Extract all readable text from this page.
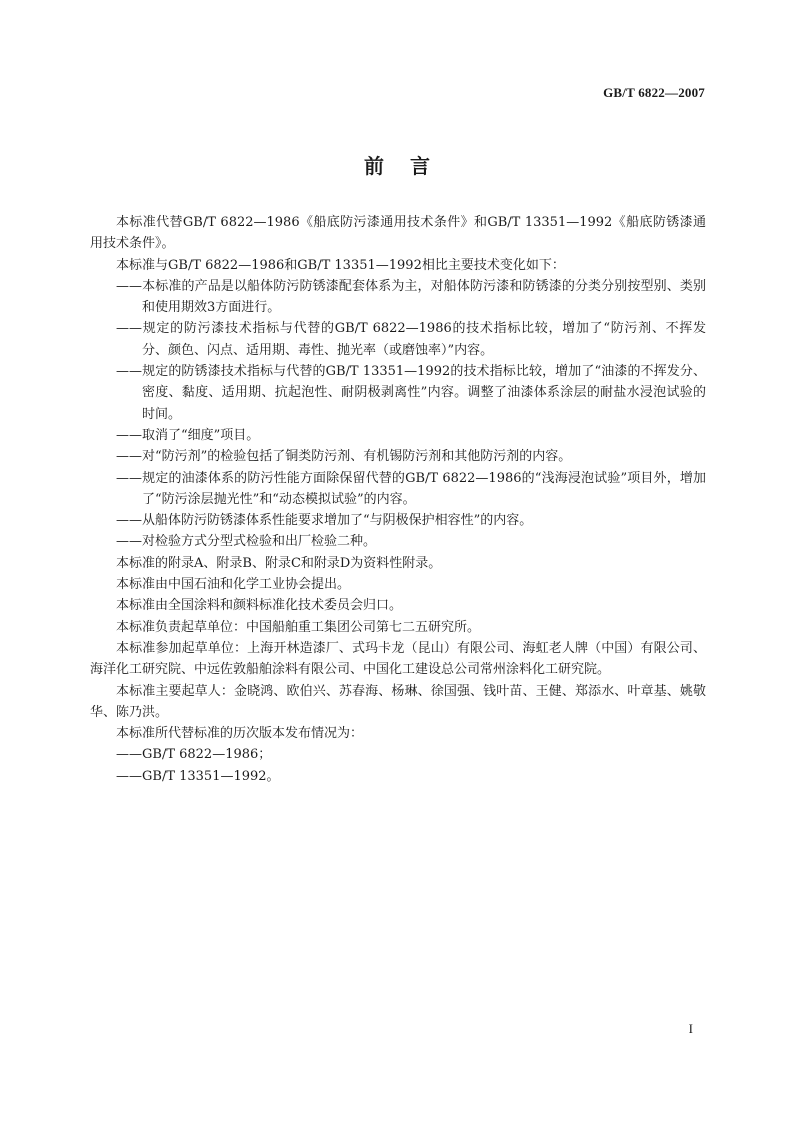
GB/T 6822—2007
前言

本标准代替GB/T 6822—1986《船底防污漆通用技术条件》和GB/T 13351—1992《船底防锈漆通用技术条件》。

本标准与GB/T 6822—1986和GB/T 13351—1992相比主要技术变化如下：

——本标准的产品是以船体防污防锈漆配套体系为主，对船体防污漆和防锈漆的分类分别按型别、类别和使用期效3方面进行。

——规定的防污漆技术指标与代替的GB/T 6822—1986的技术指标比较，增加了“防污剂、不挥发分、颜色、闪点、适用期、毒性、抛光率（或磨蚀率）”内容。

——规定的防锈漆技术指标与代替的GB/T 13351—1992的技术指标比较，增加了“油漆的不挥发分、密度、黏度、适用期、抗起泡性、耐阴极剥离性”内容。调整了油漆体系涂层的耐盐水浸泡试验的时间。

——取消了“细度”项目。

——对“防污剂”的检验包括了铜类防污剂、有机锡防污剂和其他防污剂的内容。

——规定的油漆体系的防污性能方面除保留代替的GB/T 6822—1986的“浅海浸泡试验”项目外，增加了“防污涂层抛光性”和“动态模拟试验”的内容。

——从船体防污防锈漆体系性能要求增加了“与阴极保护相容性”的内容。

——对检验方式分型式检验和出厂检验二种。

本标准的附录A、附录B、附录C和附录D为资料性附录。

本标准由中国石油和化学工业协会提出。

本标准由全国涂料和颜料标准化技术委员会归口。

本标准负责起草单位：中国船舶重工集团公司第七二五研究所。

本标准参加起草单位：上海开林造漆厂、式玛卡龙（昆山）有限公司、海虹老人牌（中国）有限公司、海洋化工研究院、中远佐敦船舶涂料有限公司、中国化工建设总公司常州涂料化工研究院。

本标准主要起草人：金晓鸿、欧伯兴、苏春海、杨琳、徐国强、钱叶苗、王健、郑添水、叶章基、姚敬华、陈乃洪。

本标准所代替标准的历次版本发布情况为：

——GB/T 6822—1986；

——GB/T 13351—1992。

I
